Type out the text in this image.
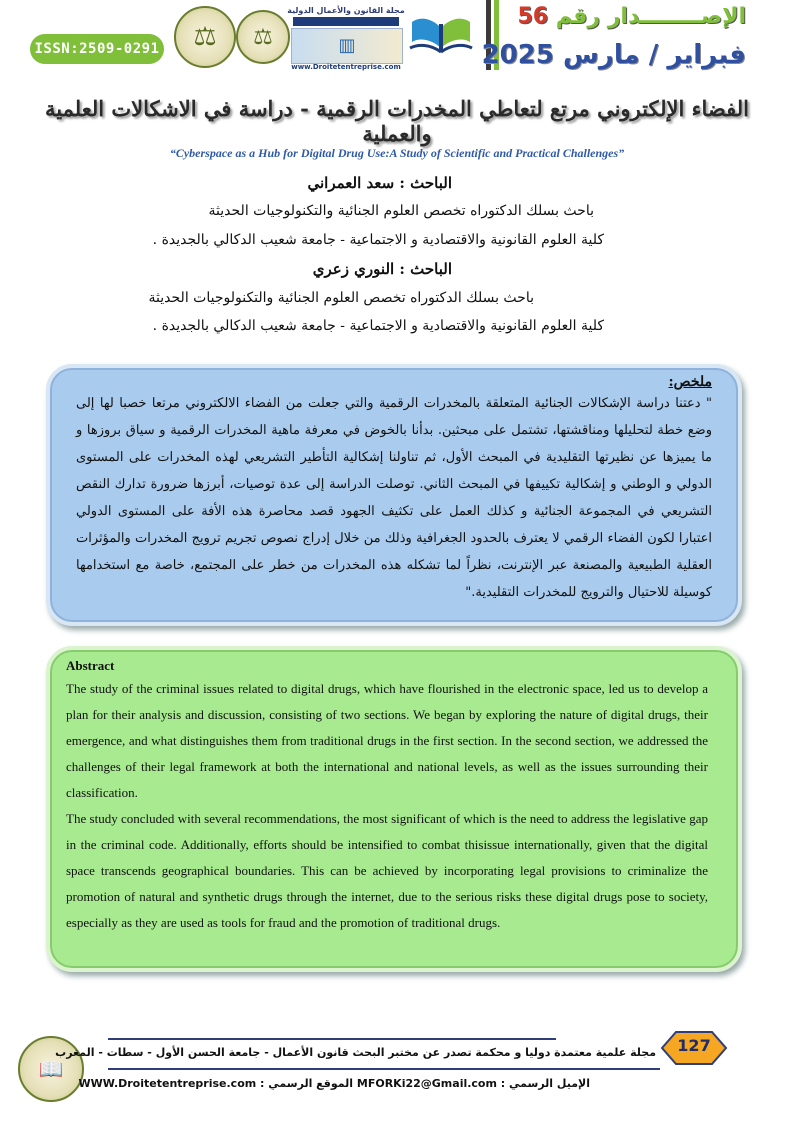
ISSN:2509-0291 ⚖ ⚖
مجلة القانون والأعمال الدولية
▥
www.Droitetentreprise.com
الإصــــــــدار رقم 56
فبراير / مارس 2025
الفضاء الإلكتروني مرتع لتعاطي المخدرات الرقمية - دراسة في الاشكالات العلمية والعملية
“Cyberspace as a Hub for Digital Drug Use:A Study of Scientific and Practical Challenges”
الباحث : سعد العمراني
باحث بسلك الدكتوراه تخصص العلوم الجنائية والتكنولوجيات الحديثة
كلية العلوم القانونية والاقتصادية و الاجتماعية - جامعة شعيب الدكالي بالجديدة .
الباحث : النوري زعري
باحث بسلك الدكتوراه تخصص العلوم الجنائية والتكنولوجيات الحديثة
كلية العلوم القانونية والاقتصادية و الاجتماعية - جامعة شعيب الدكالي بالجديدة .
ملخص:

" دعتنا دراسة الإشكالات الجنائية المتعلقة بالمخدرات الرقمية والتي جعلت من الفضاء الالكتروني مرتعا خصبا لها إلى وضع خطة لتحليلها ومناقشتها، تشتمل على مبحثين. بدأنا بالخوض في معرفة ماهية المخدرات الرقمية و سياق بروزها و ما يميزها عن نظيرتها التقليدية في المبحث الأول، ثم تناولنا إشكالية التأطير التشريعي لهذه المخدرات على المستوى الدولي و الوطني و إشكالية تكييفها في المبحث الثاني. توصلت الدراسة إلى عدة توصيات، أبرزها ضرورة تدارك النقص التشريعي في المجموعة الجنائية و كذلك العمل على تكثيف الجهود قصد محاصرة هذه الأفة على المستوى الدولي اعتبارا لكون الفضاء الرقمي لا يعترف بالحدود الجغرافية وذلك من خلال إدراج نصوص تجريم ترويج المخدرات والمؤثرات العقلية الطبيعية والمصنعة عبر الإنترنت، نظراً لما تشكله هذه المخدرات من خطر على المجتمع، خاصة مع استخدامها كوسيلة للاحتيال والترويج للمخدرات التقليدية."

Abstract

The study of the criminal issues related to digital drugs, which have flourished in the electronic space, led us to develop a plan for their analysis and discussion, consisting of two sections. We began by exploring the nature of digital drugs, their emergence, and what distinguishes them from traditional drugs in the first section. In the second section, we addressed the challenges of their legal framework at both the international and national levels, as well as the issues surrounding their classification.

The study concluded with several recommendations, the most significant of which is the need to address the legislative gap in the criminal code. Additionally, efforts should be intensified to combat thisissue internationally, given that the digital space transcends geographical boundaries. This can be achieved by incorporating legal provisions to criminalize the promotion of natural and synthetic drugs through the internet, due to the serious risks these digital drugs pose to society, especially as they are used as tools for fraud and the promotion of traditional drugs.

📖
مجلة علمية معتمدة دوليا و محكمة تصدر عن مختبر البحث قانون الأعمال - جامعة الحسن الأول - سطات - المغرب
الإميل الرسمي : MFORKi22@Gmail.com الموقع الرسمي : WWW.Droitetentreprise.com
127
